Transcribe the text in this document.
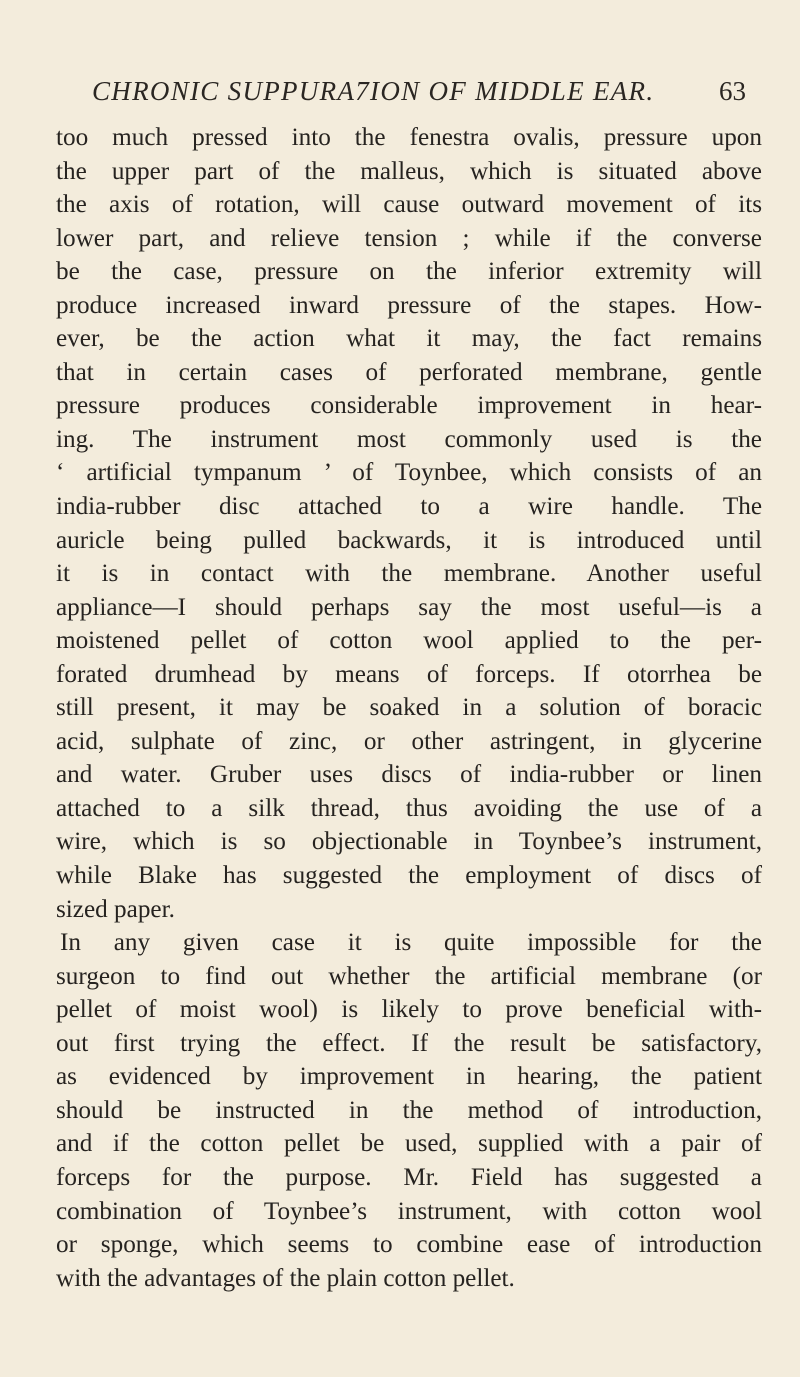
CHRONIC SUPPURA7ION OF MIDDLE EAR. 63
too much pressed into the fenestra ovalis, pressure upon
the upper part of the malleus, which is situated above
the axis of rotation, will cause outward movement of its
lower part, and relieve tension ; while if the converse
be the case, pressure on the inferior extremity will
produce increased inward pressure of the stapes. How-
ever, be the action what it may, the fact remains
that in certain cases of perforated membrane, gentle
pressure produces considerable improvement in hear-
ing. The instrument most commonly used is the
‘ artificial tympanum ’ of Toynbee, which consists of an
india-rubber disc attached to a wire handle. The
auricle being pulled backwards, it is introduced until
it is in contact with the membrane. Another useful
appliance—I should perhaps say the most useful—is a
moistened pellet of cotton wool applied to the per-
forated drumhead by means of forceps. If otorrhea be
still present, it may be soaked in a solution of boracic
acid, sulphate of zinc, or other astringent, in glycerine
and water. Gruber uses discs of india-rubber or linen
attached to a silk thread, thus avoiding the use of a
wire, which is so objectionable in Toynbee’s instrument,
while Blake has suggested the employment of discs of
sized paper.
In any given case it is quite impossible for the
surgeon to find out whether the artificial membrane (or
pellet of moist wool) is likely to prove beneficial with-
out first trying the effect. If the result be satisfactory,
as evidenced by improvement in hearing, the patient
should be instructed in the method of introduction,
and if the cotton pellet be used, supplied with a pair of
forceps for the purpose. Mr. Field has suggested a
combination of Toynbee’s instrument, with cotton wool
or sponge, which seems to combine ease of introduction
with the advantages of the plain cotton pellet.
